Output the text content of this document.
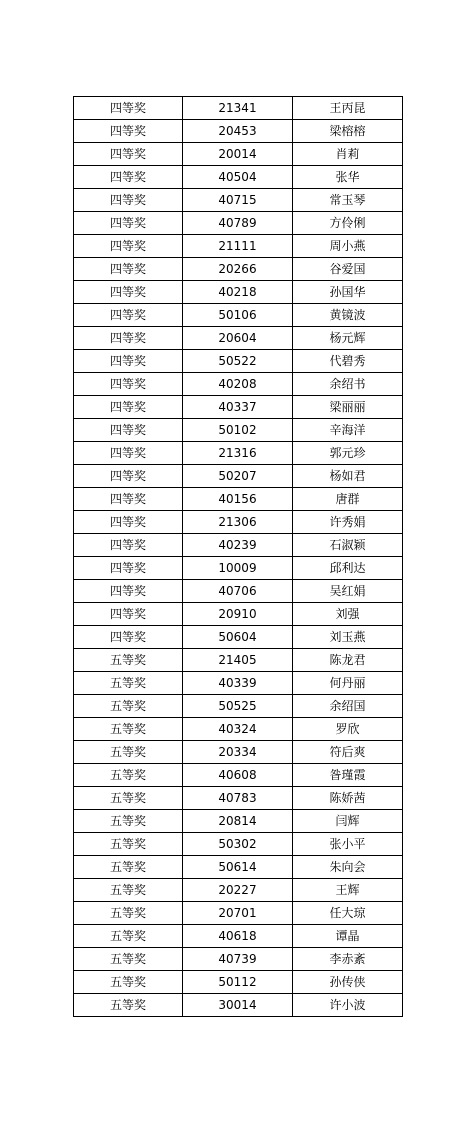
四等奖	21341	王丙昆
四等奖	20453	梁榕榕
四等奖	20014	肖莉
四等奖	40504	张华
四等奖	40715	常玉琴
四等奖	40789	方伶俐
四等奖	21111	周小燕
四等奖	20266	谷爱国
四等奖	40218	孙国华
四等奖	50106	黄镜波
四等奖	20604	杨元辉
四等奖	50522	代碧秀
四等奖	40208	余绍书
四等奖	40337	梁丽丽
四等奖	50102	辛海洋
四等奖	21316	郭元珍
四等奖	50207	杨如君
四等奖	40156	唐群
四等奖	21306	许秀娟
四等奖	40239	石淑颖
四等奖	10009	邱利达
四等奖	40706	吴红娟
四等奖	20910	刘强
四等奖	50604	刘玉燕
五等奖	21405	陈龙君
五等奖	40339	何丹丽
五等奖	50525	余绍国
五等奖	40324	罗欣
五等奖	20334	符后爽
五等奖	40608	昝瑾霞
五等奖	40783	陈娇茜
五等奖	20814	闫辉
五等奖	50302	张小平
五等奖	50614	朱向会
五等奖	20227	王辉
五等奖	20701	任大琼
五等奖	40618	谭晶
五等奖	40739	李赤紊
五等奖	50112	孙传侠
五等奖	30014	许小波
